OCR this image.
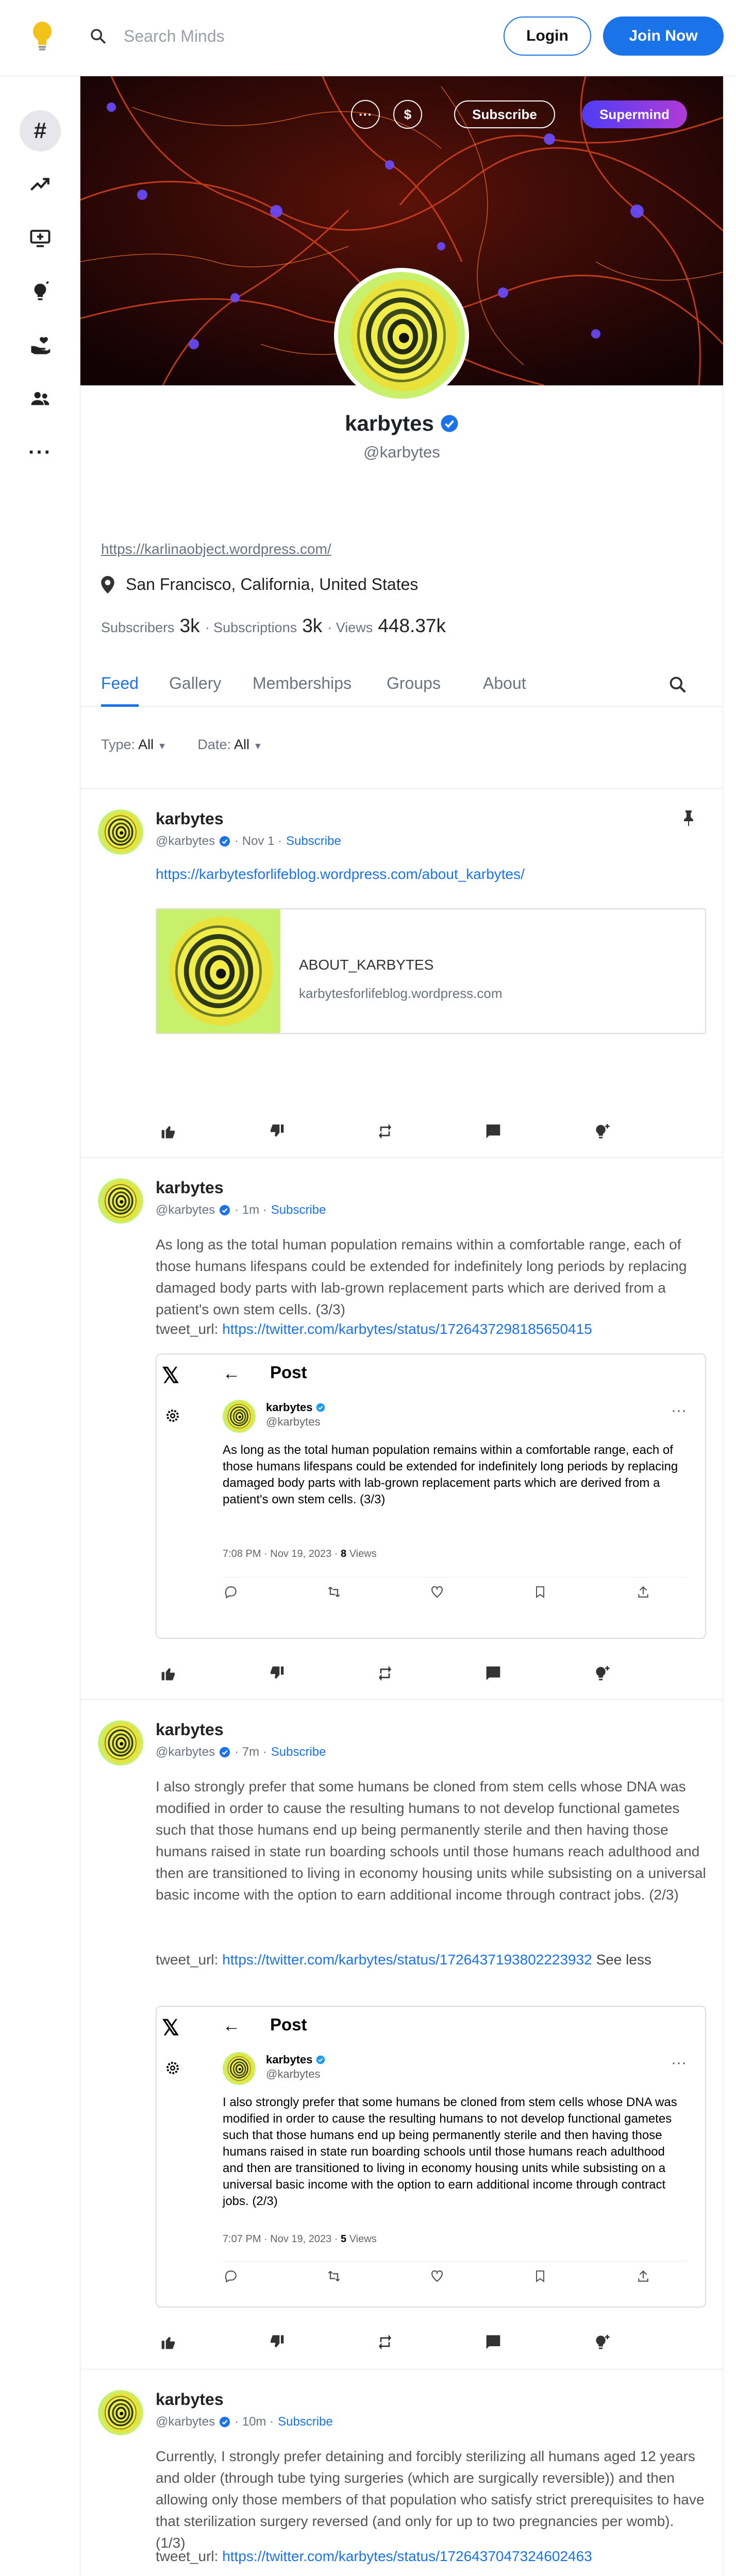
Search Minds	Login	Join Now
#
···
···	$	Subscribe	Supermind
karbytes
@karbytes
https://karlinaobject.wordpress.com/
San Francisco, California, United States
Subscribers 3k · Subscriptions 3k · Views 448.37k
Feed Gallery Memberships Groups	About
Type: All ▼ Date: All ▼
karbytes
@karbytes · Nov 1 · Subscribe
https://karbytesforlifeblog.wordpress.com/about_karbytes/
ABOUT_KARBYTES
karbytesforlifeblog.wordpress.com
karbytes
@karbytes · 1m · Subscribe
As long as the total human population remains within a comfortable range, each of those humans lifespans could be extended for indefinitely long periods by replacing damaged body parts with lab-grown replacement parts which are derived from a patient's own stem cells. (3/3)
tweet_url: https://twitter.com/karbytes/status/1726437298185650415
𝕏 ← Post
karbytes
@karbytes
···
As long as the total human population remains within a comfortable range, each of those humans lifespans could be extended for indefinitely long periods by replacing damaged body parts with lab-grown replacement parts which are derived from a patient's own stem cells. (3/3)
7:08 PM · Nov 19, 2023 · 8 Views
karbytes
@karbytes · 7m · Subscribe
I also strongly prefer that some humans be cloned from stem cells whose DNA was modified in order to cause the resulting humans to not develop functional gametes such that those humans end up being permanently sterile and then having those humans raised in state run boarding schools until those humans reach adulthood and then are transitioned to living in economy housing units while subsisting on a universal basic income with the option to earn additional income through contract jobs. (2/3)
tweet_url: https://twitter.com/karbytes/status/1726437193802223932 See less
𝕏 ← Post
karbytes
@karbytes
···
I also strongly prefer that some humans be cloned from stem cells whose DNA was modified in order to cause the resulting humans to not develop functional gametes such that those humans end up being permanently sterile and then having those humans raised in state run boarding schools until those humans reach adulthood and then are transitioned to living in economy housing units while subsisting on a universal basic income with the option to earn additional income through contract jobs. (2/3)
7:07 PM · Nov 19, 2023 · 5 Views
karbytes
@karbytes · 10m · Subscribe
Currently, I strongly prefer detaining and forcibly sterilizing all humans aged 12 years and older (through tube tying surgeries (which are surgically reversible)) and then allowing only those members of that population who satisfy strict prerequisites to have that sterilization surgery reversed (and only for up to two pregnancies per womb). (1/3)
tweet_url: https://twitter.com/karbytes/status/1726437047324602463
